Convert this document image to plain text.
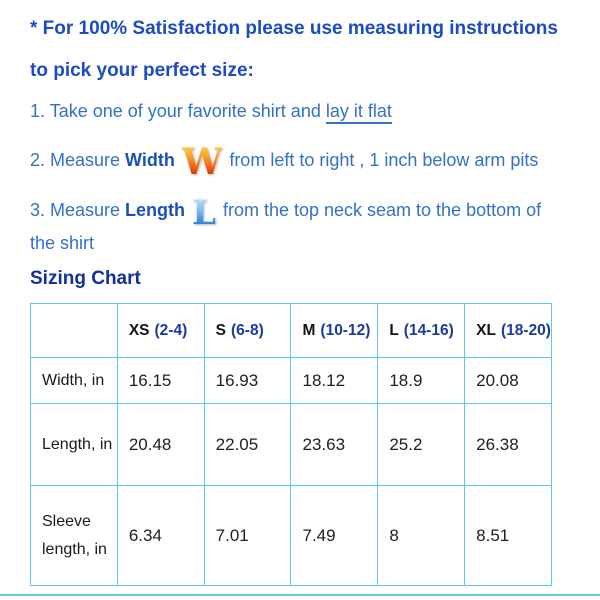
* For 100% Satisfaction please use measuring instructions
to pick your perfect size:
1. Take one of your favorite shirt and lay it flat
2. Measure Width W from left to right , 1 inch below arm pits
3. Measure Length L from the top neck seam to the bottom of
the shirt
Sizing Chart
	XS (2-4)	S (6-8)	M (10-12)	L (14-16)	XL (18-20)
Width, in	16.15	16.93	18.12	18.9	20.08
Length, in	20.48	22.05	23.63	25.2	26.38
Sleeve length, in	6.34	7.01	7.49	8	8.51
